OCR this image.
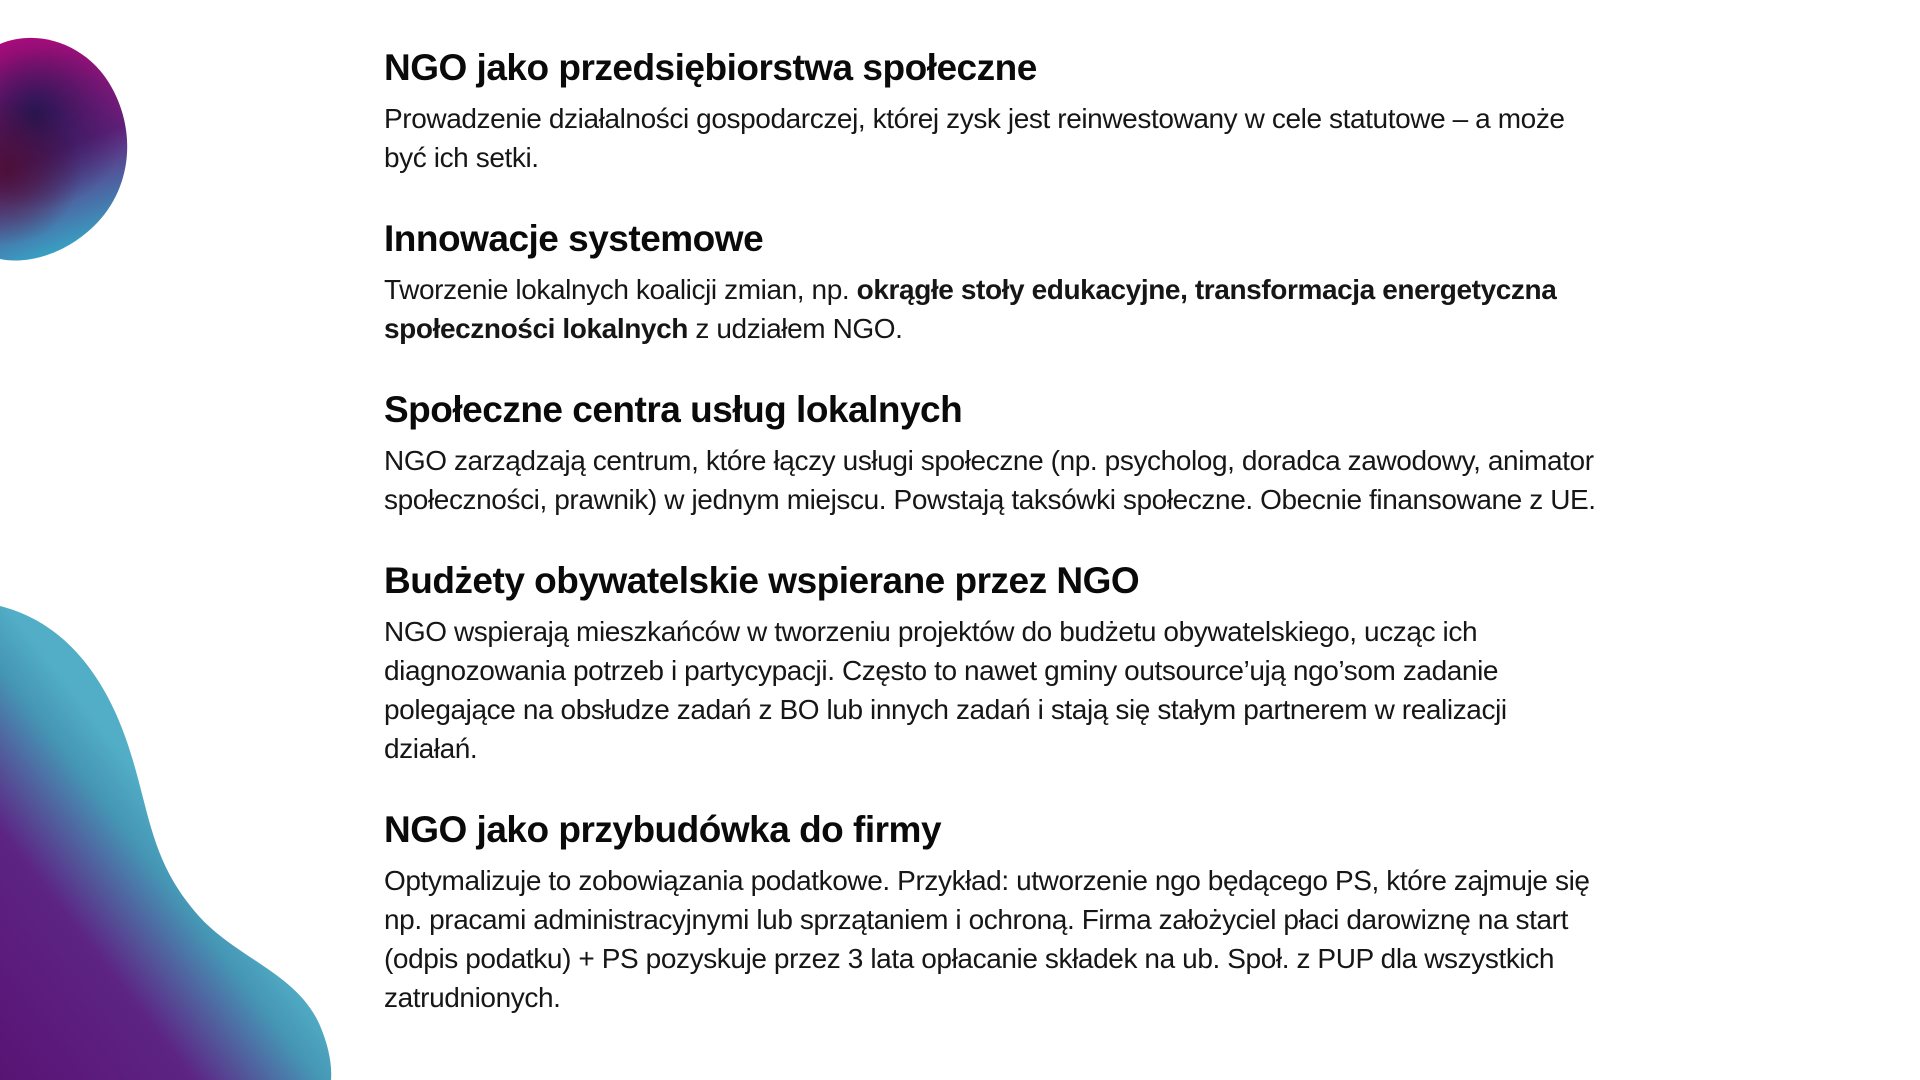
NGO jako przedsiębiorstwa społeczne
Prowadzenie działalności gospodarczej, której zysk jest reinwestowany w cele statutowe – a może
być ich setki.
Innowacje systemowe
Tworzenie lokalnych koalicji zmian, np. okrągłe stoły edukacyjne, transformacja energetyczna
społeczności lokalnych z udziałem NGO.
Społeczne centra usług lokalnych
NGO zarządzają centrum, które łączy usługi społeczne (np. psycholog, doradca zawodowy, animator
społeczności, prawnik) w jednym miejscu. Powstają taksówki społeczne. Obecnie finansowane z UE.
Budżety obywatelskie wspierane przez NGO
NGO wspierają mieszkańców w tworzeniu projektów do budżetu obywatelskiego, ucząc ich
diagnozowania potrzeb i partycypacji. Często to nawet gminy outsource’ują ngo’som zadanie
polegające na obsłudze zadań z BO lub innych zadań i stają się stałym partnerem w realizacji
działań.
NGO jako przybudówka do firmy
Optymalizuje to zobowiązania podatkowe. Przykład: utworzenie ngo będącego PS, które zajmuje się
np. pracami administracyjnymi lub sprzątaniem i ochroną. Firma założyciel płaci darowiznę na start
(odpis podatku) + PS pozyskuje przez 3 lata opłacanie składek na ub. Społ. z PUP dla wszystkich
zatrudnionych.
